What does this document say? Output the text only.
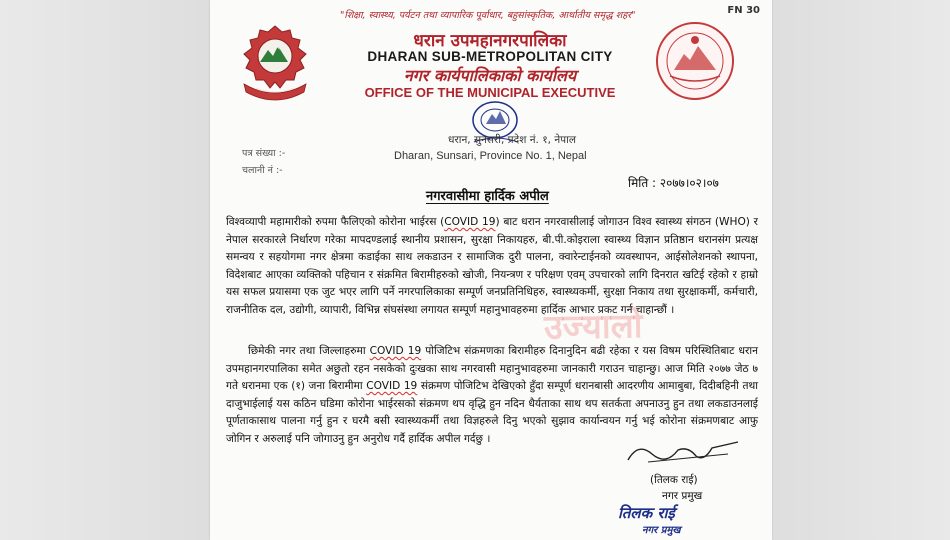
FN 30
"शिक्षा, स्वास्थ्य, पर्यटन तथा व्यापारिक पूर्वाधार, बहुसांस्कृतिक, आर्थातीय समृद्ध शहर"
धरान उपमहानगरपालिका
DHARAN SUB-METROPOLITAN CITY
नगर कार्यपालिकाको कार्यालय
OFFICE OF THE MUNICIPAL EXECUTIVE
धरान, सुनसरी, प्रदेश नं. १, नेपाल
Dharan, Sunsari, Province No. 1, Nepal
पत्र संख्या :-
चलानी नं :-
मिति : २०७७।०२।०७
नगरवासीमा हार्दिक अपील
उज्यालो
विश्वव्यापी महामारीको रुपमा फैलिएको कोरोना भाईरस (COVID 19) बाट धरान नगरवासीलाई जोगाउन विश्व स्वास्थ्य संगठन (WHO) र नेपाल सरकारले निर्धारण गरेका मापदण्डलाई स्थानीय प्रशासन, सुरक्षा निकायहरु, बी.पी.कोइराला स्वास्थ्य विज्ञान प्रतिष्ठान धरानसंग प्रत्यक्ष समन्वय र सहयोगमा नगर क्षेत्रमा कडाईका साथ लकडाउन र सामाजिक दुरी पालना, क्वारेन्टाईनको व्यवस्थापन, आईसोलेशनको स्थापना, विदेशबाट आएका व्यक्तिको पहिचान र संक्रमित बिरामीहरुको खोजी, नियन्त्रण र परिक्षण एवम् उपचारको लागि दिनरात खटिई रहेको र हाम्रो यस सफल प्रयासमा एक जुट भएर लागि पर्ने नगरपालिकाका सम्पूर्ण जनप्रतिनिधिहरु, स्वास्थ्यकर्मी, सुरक्षा निकाय तथा सुरक्षाकर्मी, कर्मचारी, राजनीतिक दल, उद्योगी, व्यापारी, विभिन्न संघसंस्था लगायत सम्पूर्ण महानुभावहरुमा हार्दिक आभार प्रकट गर्न चाहान्छौं ।
छिमेकी नगर तथा जिल्लाहरुमा COVID 19 पोजिटिभ संक्रमणका बिरामीहरु दिनानुदिन बढी रहेका र यस विषम परिस्थितिबाट धरान उपमहानगरपालिका समेत अछुतो रहन नसकेको दुःखका साथ नगरवासी महानुभावहरुमा जानकारी गराउन चाहान्छु। आज मिति २०७७ जेठ ७ गते धरानमा एक (१) जना बिरामीमा COVID 19 संक्रमण पोजिटिभ देखिएको हुँदा सम्पूर्ण धरानबासी आदरणीय आमाबुबा, दिदीबहिनी तथा दाजुभाईलाई यस कठिन घडिमा कोरोना भाईरसको संक्रमण थप वृद्धि हुन नदिन धैर्यताका साथ थप सतर्कता अपनाउनु हुन तथा लकडाउनलाई पूर्णताकासाथ पालना गर्नु हुन र घरमै बसी स्वास्थ्यकर्मी तथा विज्ञहरुले दिनु भएको सुझाव कार्यान्वयन गर्नु भई कोरोना संक्रमणबाट आफु जोगिन र अरुलाई पनि जोगाउनु हुन अनुरोध गर्दै हार्दिक अपील गर्दछु ।
(तिलक राई)
नगर प्रमुख
तिलक राई
नगर प्रमुख
